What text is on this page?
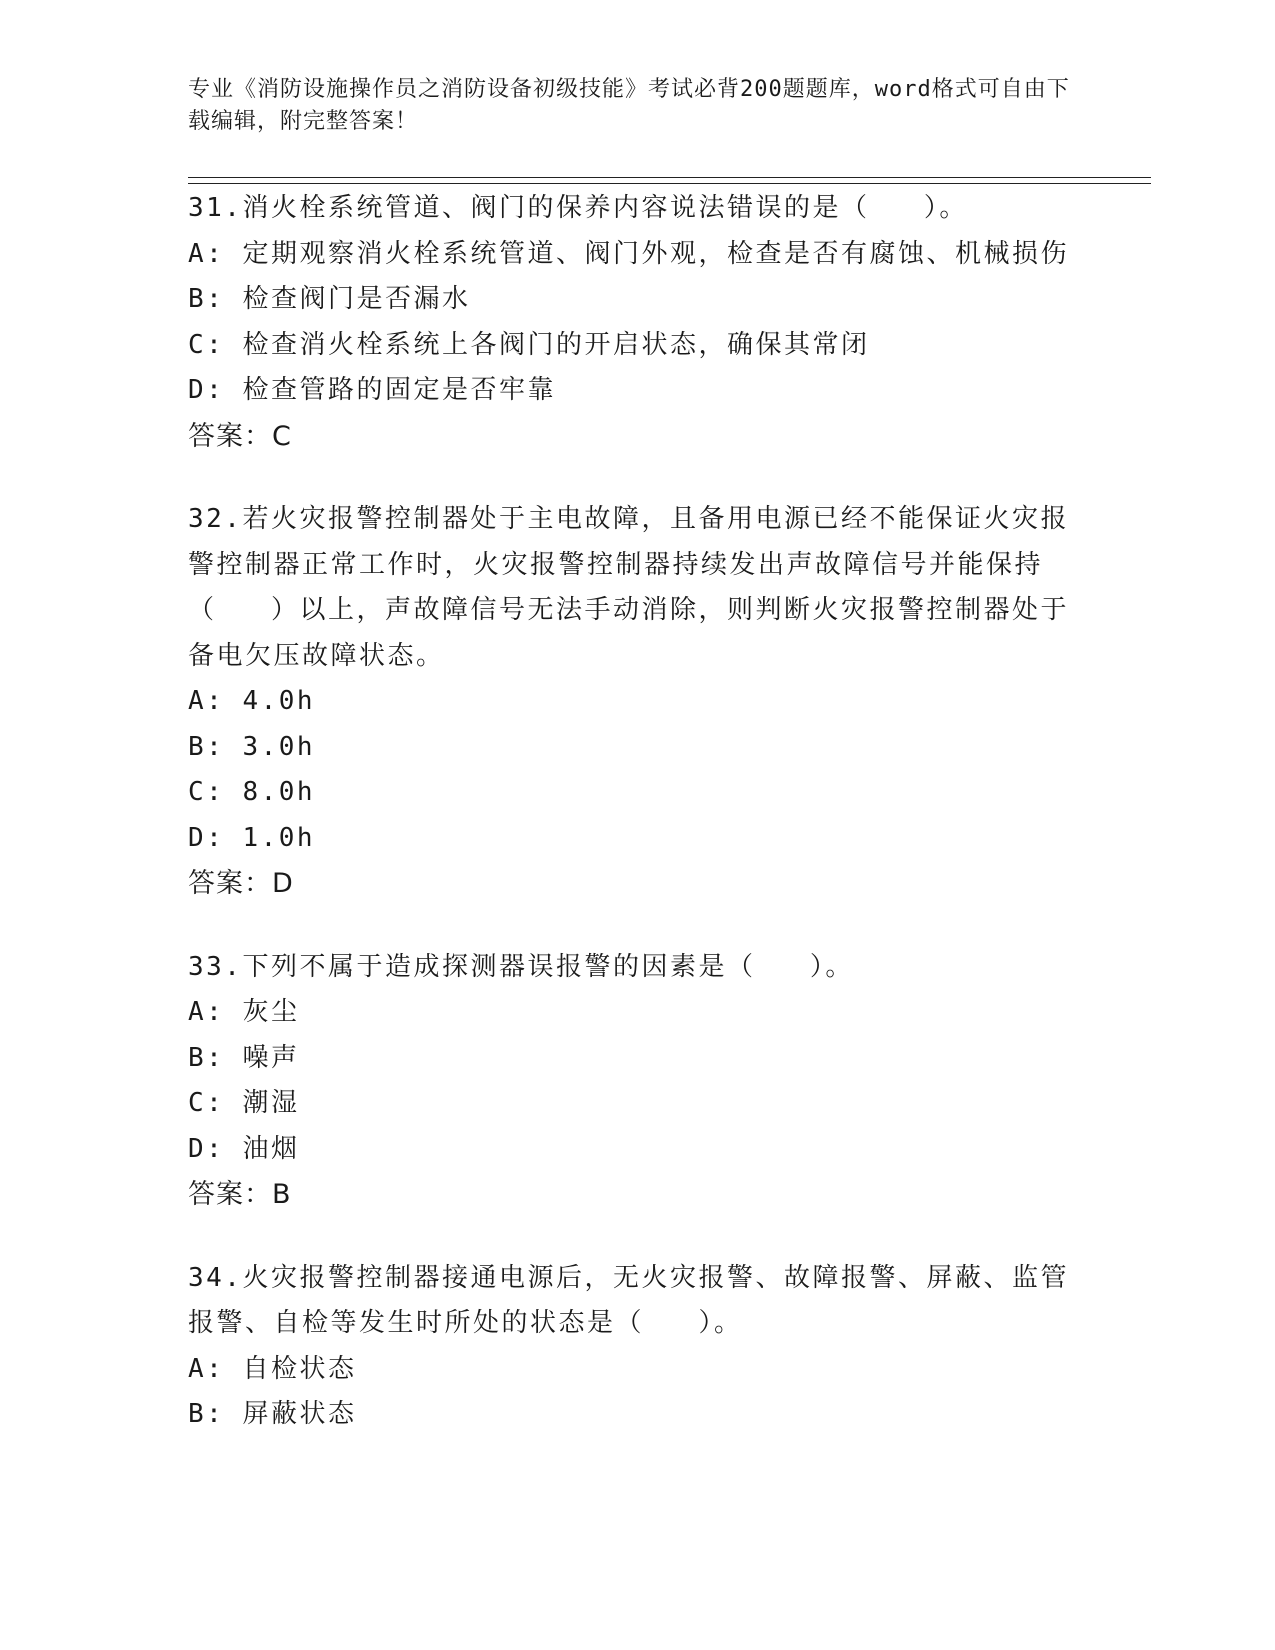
专业《消防设施操作员之消防设备初级技能》考试必背200题题库，word格式可自由下载编辑，附完整答案！
31.消火栓系统管道、阀门的保养内容说法错误的是（   ）。
A: 定期观察消火栓系统管道、阀门外观，检查是否有腐蚀、机械损伤
B: 检查阀门是否漏水
C: 检查消火栓系统上各阀门的开启状态，确保其常闭
D: 检查管路的固定是否牢靠
答案：C
32.若火灾报警控制器处于主电故障，且备用电源已经不能保证火灾报
警控制器正常工作时，火灾报警控制器持续发出声故障信号并能保持
（   ）以上，声故障信号无法手动消除，则判断火灾报警控制器处于
备电欠压故障状态。
A: 4.0h
B: 3.0h
C: 8.0h
D: 1.0h
答案：D
33.下列不属于造成探测器误报警的因素是（   ）。
A: 灰尘
B: 噪声
C: 潮湿
D: 油烟
答案：B
34.火灾报警控制器接通电源后，无火灾报警、故障报警、屏蔽、监管
报警、自检等发生时所处的状态是（   ）。
A: 自检状态
B: 屏蔽状态
